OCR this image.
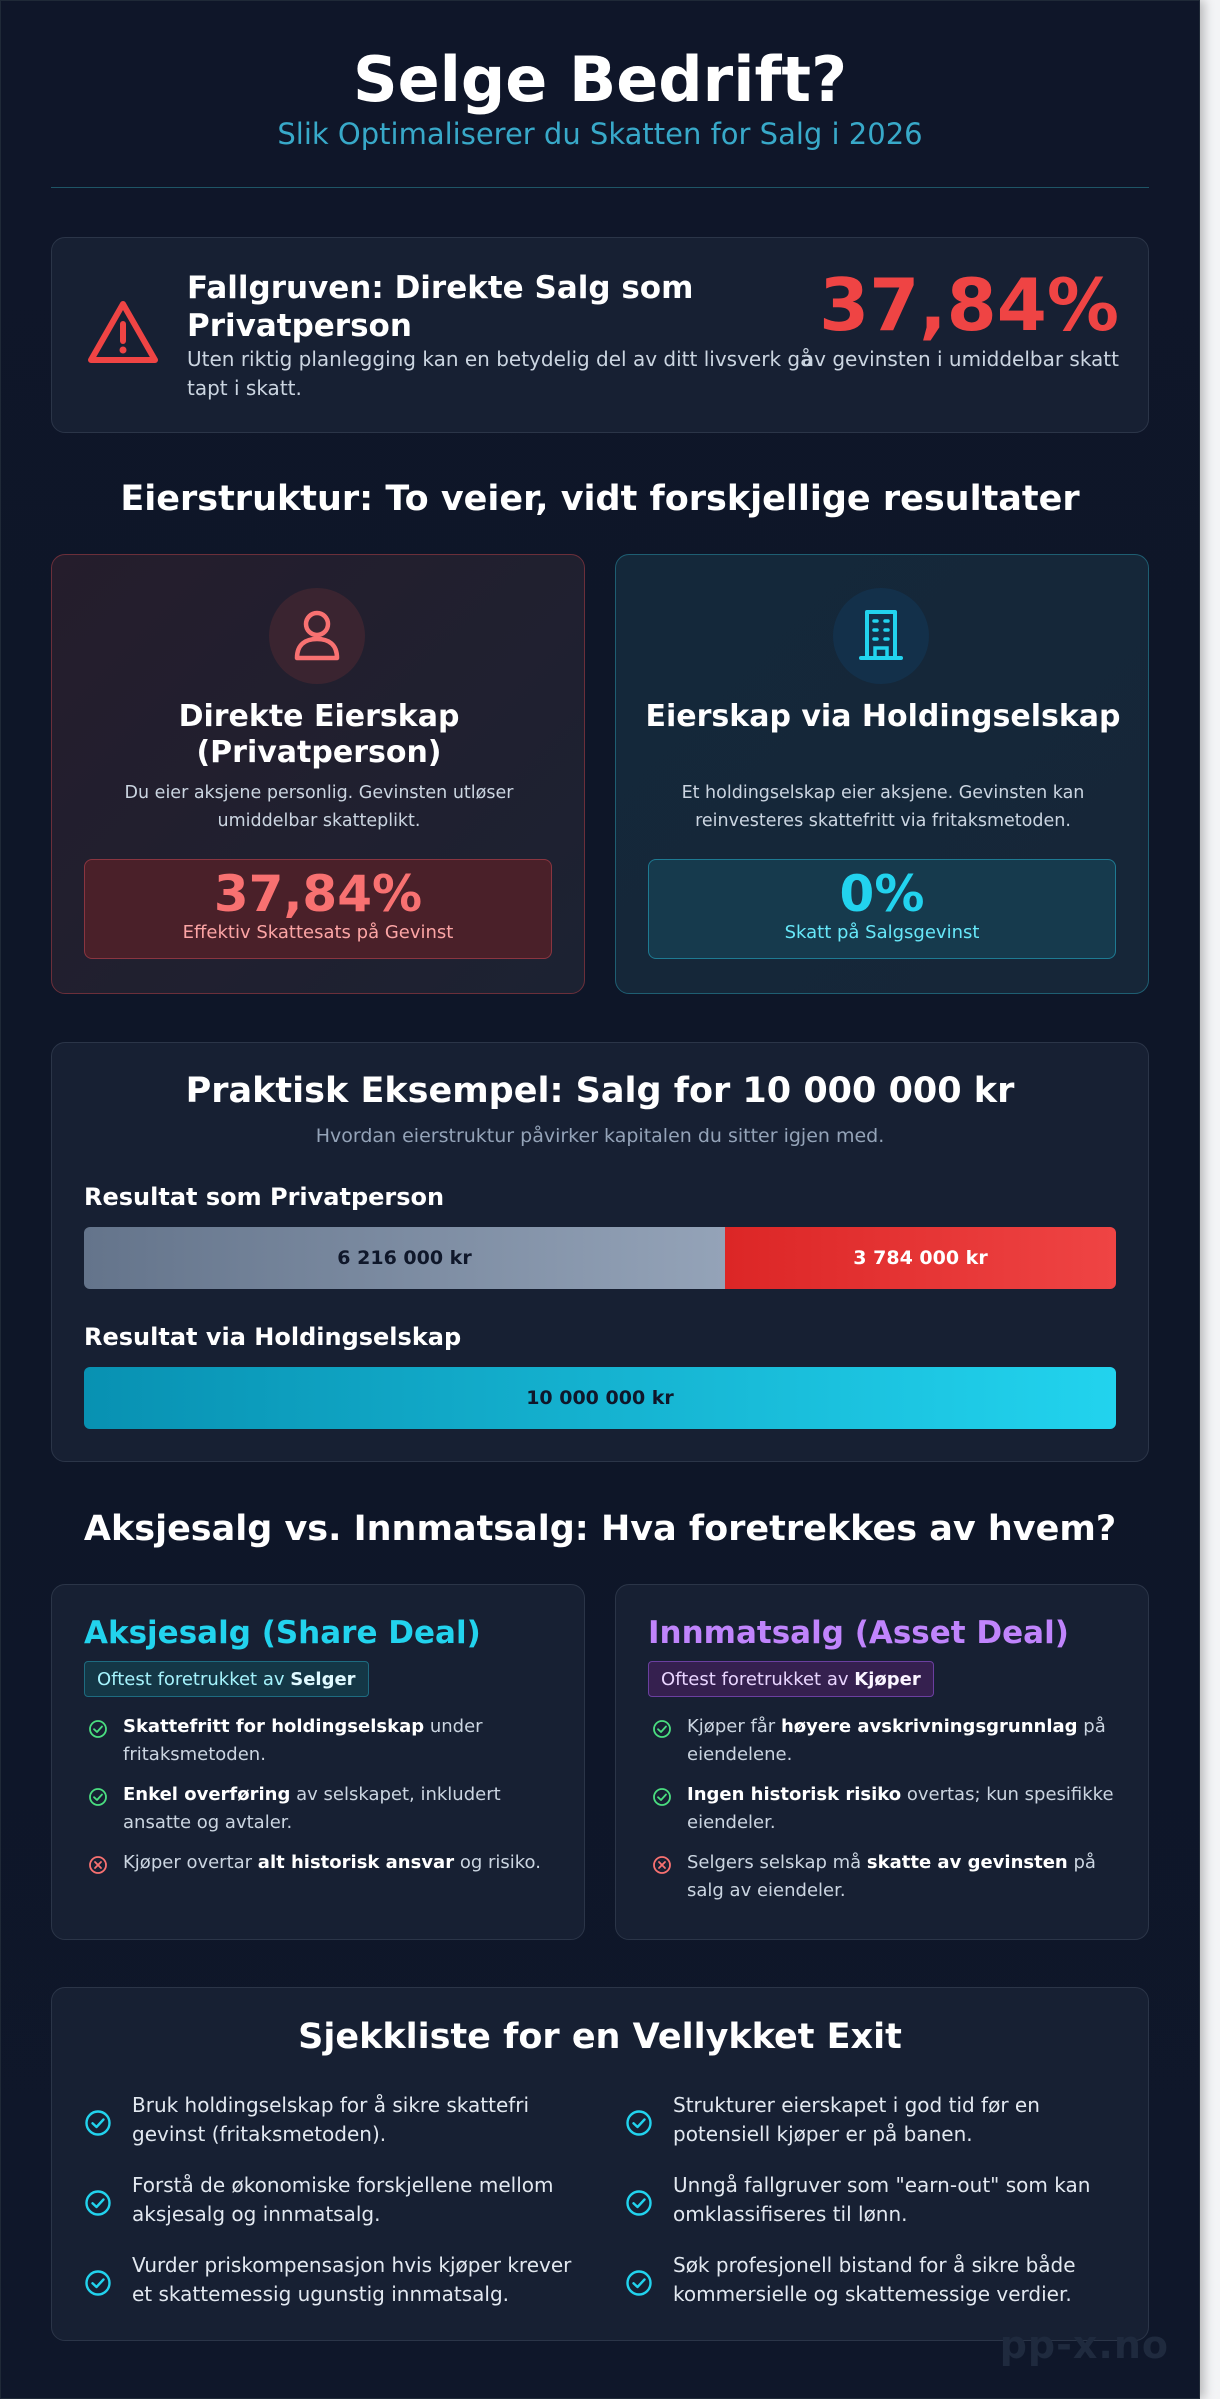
Selge Bedrift?
Slik Optimaliserer du Skatten for Salg i 2026
Fallgruven: Direkte Salg som Privatperson
Uten riktig planlegging kan en betydelig del av ditt livsverk gå tapt i skatt.
37,84%
av gevinsten i umiddelbar skatt
Eierstruktur: To veier, vidt forskjellige resultater
Direkte Eierskap (Privatperson)
Du eier aksjene personlig. Gevinsten utløser umiddelbar skatteplikt.
37,84%
Effektiv Skattesats på Gevinst
Eierskap via Holdingselskap
Et holdingselskap eier aksjene. Gevinsten kan reinvesteres skattefritt via fritaksmetoden.
0%
Skatt på Salgsgevinst
Praktisk Eksempel: Salg for 10 000 000 kr
Hvordan eierstruktur påvirker kapitalen du sitter igjen med.
Resultat som Privatperson
6 216 000 kr	3 784 000 kr
Resultat via Holdingselskap
10 000 000 kr
Aksjesalg vs. Innmatsalg: Hva foretrekkes av hvem?
Aksjesalg (Share Deal)
Oftest foretrukket av Selger
Skattefritt for holdingselskap under fritaksmetoden.
Enkel overføring av selskapet, inkludert ansatte og avtaler.
Kjøper overtar alt historisk ansvar og risiko.
Innmatsalg (Asset Deal)
Oftest foretrukket av Kjøper
Kjøper får høyere avskrivningsgrunnlag på eiendelene.
Ingen historisk risiko overtas; kun spesifikke eiendeler.
Selgers selskap må skatte av gevinsten på salg av eiendeler.
Sjekkliste for en Vellykket Exit
Bruk holdingselskap for å sikre skattefri gevinst (fritaksmetoden).
Strukturer eierskapet i god tid før en potensiell kjøper er på banen.
Forstå de økonomiske forskjellene mellom aksjesalg og innmatsalg.
Unngå fallgruver som "earn-out" som kan omklassifiseres til lønn.
Vurder priskompensasjon hvis kjøper krever et skattemessig ugunstig innmatsalg.
Søk profesjonell bistand for å sikre både kommersielle og skattemessige verdier.
pp-x.no
